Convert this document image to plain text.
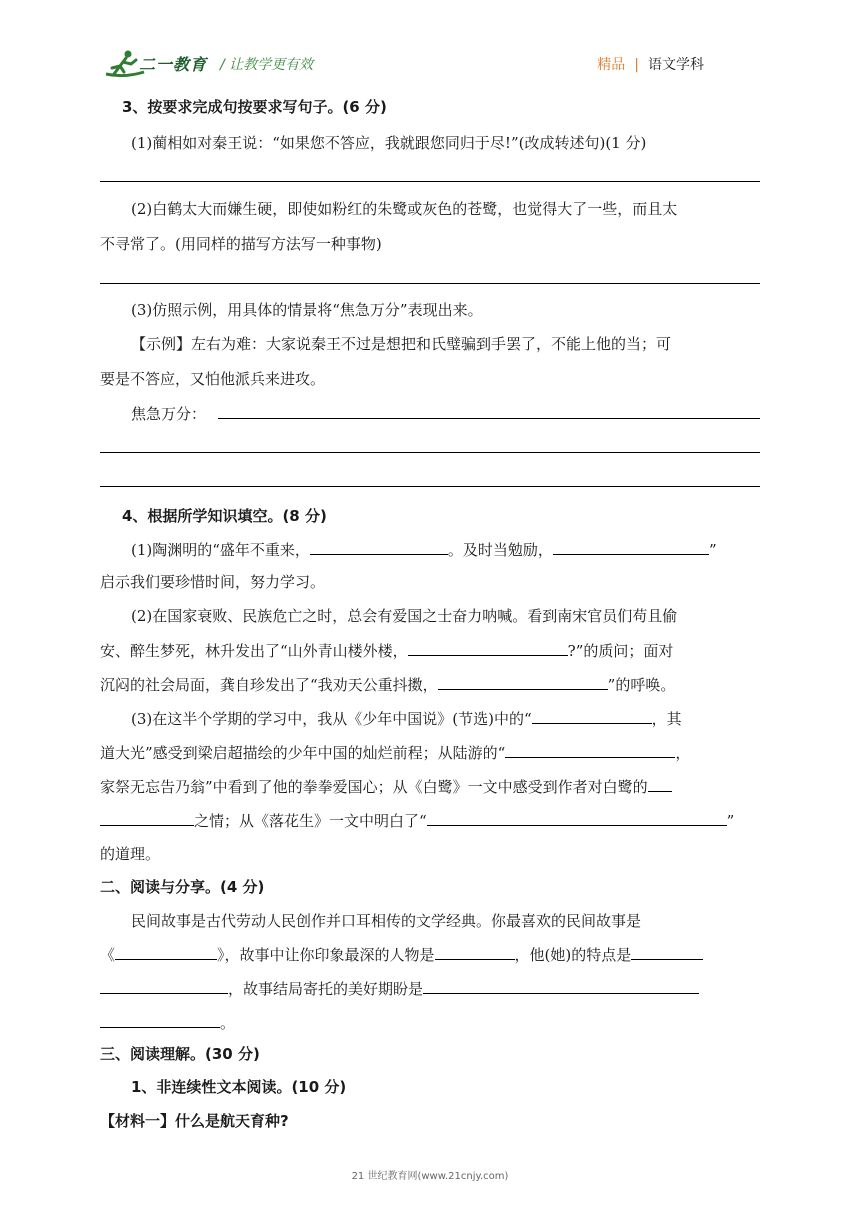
二一教育 / 让教学更有效	精品 | 语文学科
3、按要求完成句按要求写句子。(6 分)
(1)蔺相如对秦王说：“如果您不答应，我就跟您同归于尽!”(改成转述句)(1 分)
(2)白鹤太大而嫌生硬，即使如粉红的朱鹭或灰色的苍鹭，也觉得大了一些，而且太
不寻常了。(用同样的描写方法写一种事物)
(3)仿照示例，用具体的情景将“焦急万分”表现出来。
【示例】左右为难：大家说秦王不过是想把和氏璧骗到手罢了，不能上他的当；可
要是不答应，又怕他派兵来进攻。
焦急万分：
4、根据所学知识填空。(8 分)
(1)陶渊明的“盛年不重来，	。及时当勉励，	”
启示我们要珍惜时间，努力学习。
(2)在国家衰败、民族危亡之时，总会有爱国之士奋力呐喊。看到南宋官员们苟且偷
安、醉生梦死，林升发出了“山外青山楼外楼，	?”的质问；面对
沉闷的社会局面，龚自珍发出了“我劝天公重抖擞，	”的呼唤。
(3)在这半个学期的学习中，我从《少年中国说》(节选)中的“	，其
道大光”感受到梁启超描绘的少年中国的灿烂前程；从陆游的“	，
家祭无忘告乃翁”中看到了他的拳拳爱国心；从《白鹭》一文中感受到作者对白鹭的
之情；从《落花生》一文中明白了“	”
的道理。
二、阅读与分享。(4 分)
民间故事是古代劳动人民创作并口耳相传的文学经典。你最喜欢的民间故事是
《	》，故事中让你印象最深的人物是	，他(她)的特点是
，故事结局寄托的美好期盼是
。
三、阅读理解。(30 分)
1、非连续性文本阅读。(10 分)
【材料一】什么是航天育种?
21 世纪教育网(www.21cnjy.com)
